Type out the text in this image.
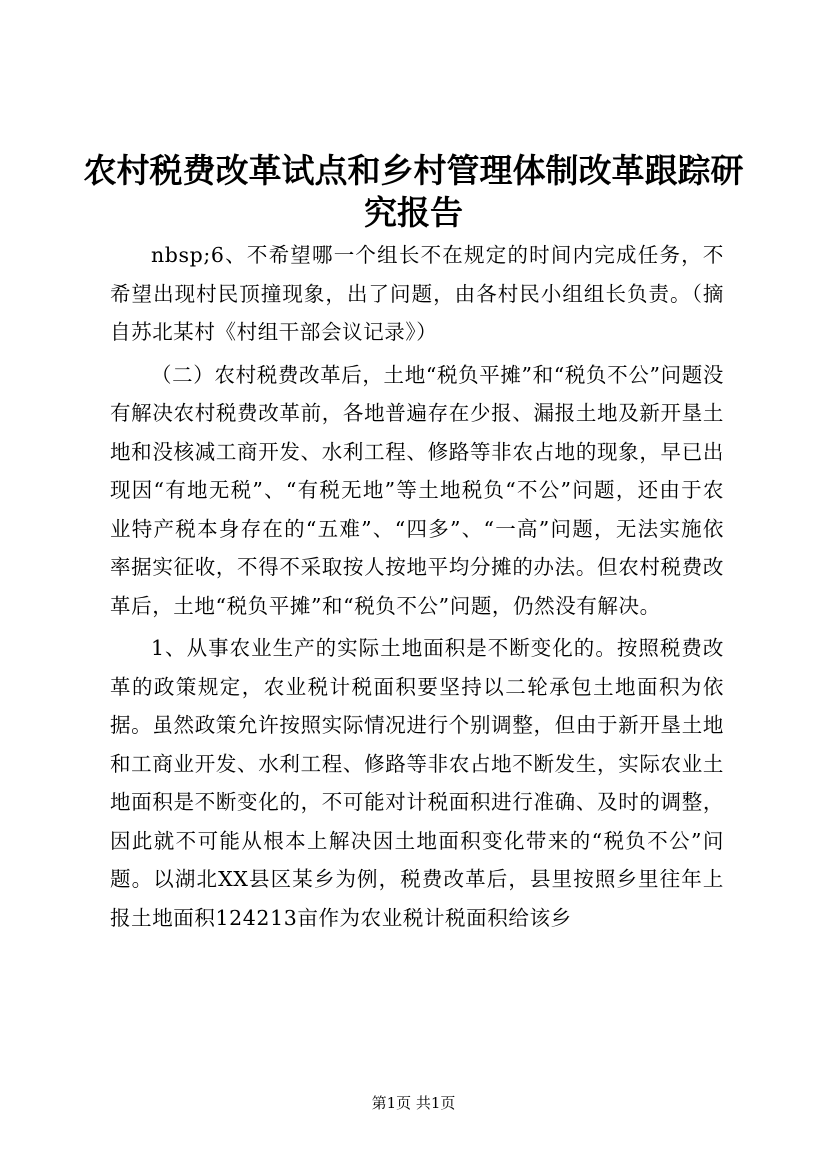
农村税费改革试点和乡村管理体制改革跟踪研究报告

nbsp;6、不希望哪一个组长不在规定的时间内完成任务，不希望出现村民顶撞现象，出了问题，由各村民小组组长负责。（摘自苏北某村《村组干部会议记录》）

（二）农村税费改革后，土地“税负平摊”和“税负不公”问题没有解决农村税费改革前，各地普遍存在少报、漏报土地及新开垦土地和没核减工商开发、水利工程、修路等非农占地的现象，早已出现因“有地无税”、“有税无地”等土地税负“不公”问题，还由于农业特产税本身存在的“五难”、“四多”、“一高”问题，无法实施依率据实征收，不得不采取按人按地平均分摊的办法。但农村税费改革后，土地“税负平摊”和“税负不公”问题，仍然没有解决。

1、从事农业生产的实际土地面积是不断变化的。按照税费改革的政策规定，农业税计税面积要坚持以二轮承包土地面积为依据。虽然政策允许按照实际情况进行个别调整，但由于新开垦土地和工商业开发、水利工程、修路等非农占地不断发生，实际农业土地面积是不断变化的，不可能对计税面积进行准确、及时的调整，因此就不可能从根本上解决因土地面积变化带来的“税负不公”问题。以湖北XX县区某乡为例，税费改革后，县里按照乡里往年上报土地面积124213亩作为农业税计税面积给该乡

第1页 共1页
